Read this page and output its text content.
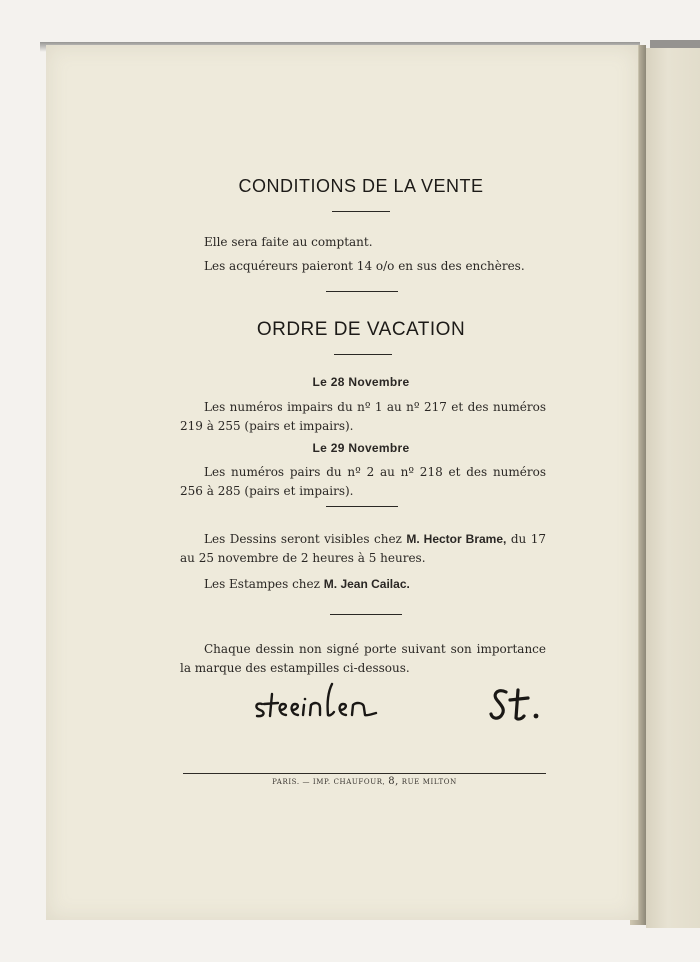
CONDITIONS DE LA VENTE
Elle sera faite au comptant.
Les acquéreurs paieront 14 o/o en sus des enchères.
ORDRE DE VACATION
Le 28 Novembre
Les numéros impairs du nº 1 au nº 217 et des numéros 219 à 255 (pairs et impairs).
Le 29 Novembre
Les numéros pairs du nº 2 au nº 218 et des numéros 256 à 285 (pairs et impairs).
Les Dessins seront visibles chez M. Hector Brame, du 17 au 25 novembre de 2 heures à 5 heures.
Les Estampes chez M. Jean Cailac.
Chaque dessin non signé porte suivant son importance la marque des estampilles ci-dessous.
PARIS. — IMP. CHAUFOUR, 8, RUE MILTON
